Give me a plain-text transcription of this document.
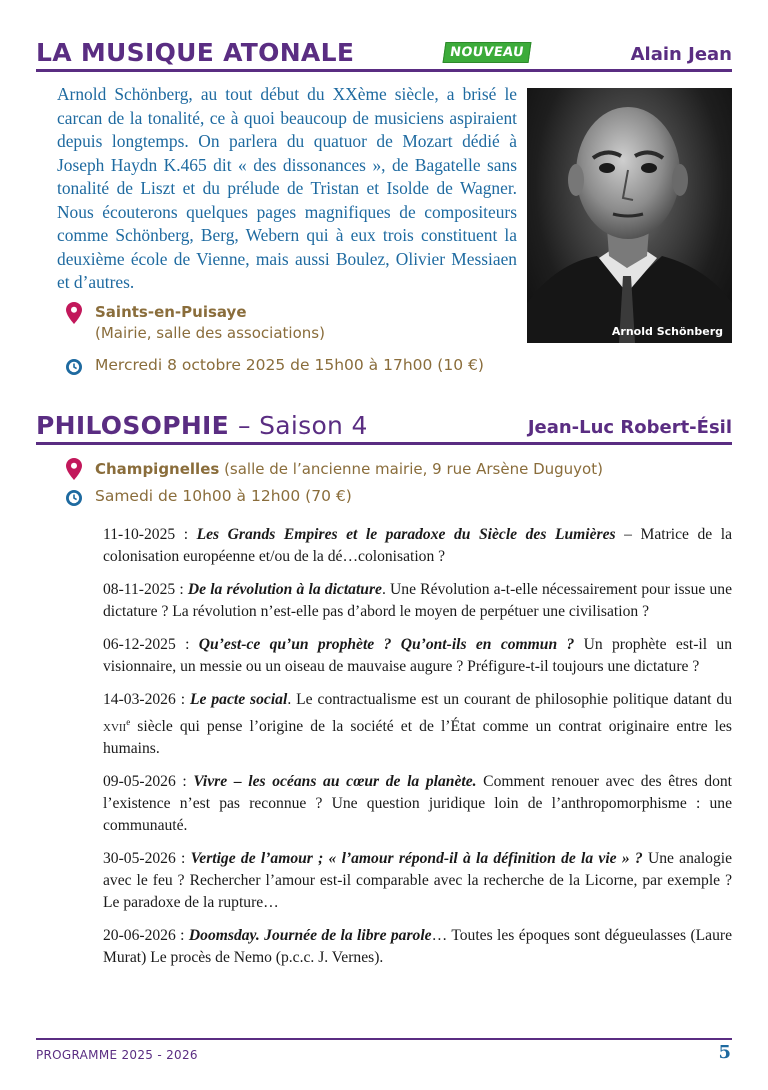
LA MUSIQUE ATONALE	NOUVEAU	Alain Jean

Arnold Schönberg, au tout début du XXème siècle, a brisé le carcan de la tonalité, ce à quoi beaucoup de musiciens aspiraient depuis longtemps. On parlera du quatuor de Mozart dédié à Joseph Haydn K.465 dit « des dissonances », de Bagatelle sans tonalité de Liszt et du prélude de Tristan et Isolde de Wagner. Nous écouterons quelques pages magnifiques de compositeurs comme Schönberg, Berg, Webern qui à eux trois constituent la deuxième école de Vienne, mais aussi Boulez, Olivier Messiaen et d’autres.

Arnold Schönberg
Saints-en-Puisaye
(Mairie, salle des associations)
Mercredi 8 octobre 2025 de 15h00 à 17h00 (10 €)
PHILOSOPHIE – Saison 4	Jean-Luc Robert-Ésil
Champignelles (salle de l’ancienne mairie, 9 rue Arsène Duguyot)
Samedi de 10h00 à 12h00 (70 €)

11-10-2025 : Les Grands Empires et le paradoxe du Siècle des Lumières – Matrice de la colonisation européenne et/ou de la dé…colonisation ?

08-11-2025 : De la révolution à la dictature. Une Révolution a-t-elle nécessairement pour issue une dictature ? La révolution n’est-elle pas d’abord le moyen de perpétuer une civilisation ?

06-12-2025 : Qu’est-ce qu’un prophète ? Qu’ont-ils en commun ? Un prophète est-il un visionnaire, un messie ou un oiseau de mauvaise augure ? Préfigure-t-il toujours une dictature ?

14-03-2026 : Le pacte social. Le contractualisme est un courant de philosophie politique datant du xvii$^e$ siècle qui pense l’origine de la société et de l’État comme un contrat originaire entre les humains.

09-05-2026 : Vivre – les océans au cœur de la planète. Comment renouer avec des êtres dont l’existence n’est pas reconnue ? Une question juridique loin de l’anthropomorphisme : une communauté.

30-05-2026 : Vertige de l’amour ; « l’amour répond-il à la définition de la vie » ? Une analogie avec le feu ? Rechercher l’amour est-il comparable avec la recherche de la Licorne, par exemple ? Le paradoxe de la rupture…

20-06-2026 : Doomsday. Journée de la libre parole… Toutes les époques sont dégueulasses (Laure Murat) Le procès de Nemo (p.c.c. J. Vernes).

PROGRAMME 2025 - 2026	5
